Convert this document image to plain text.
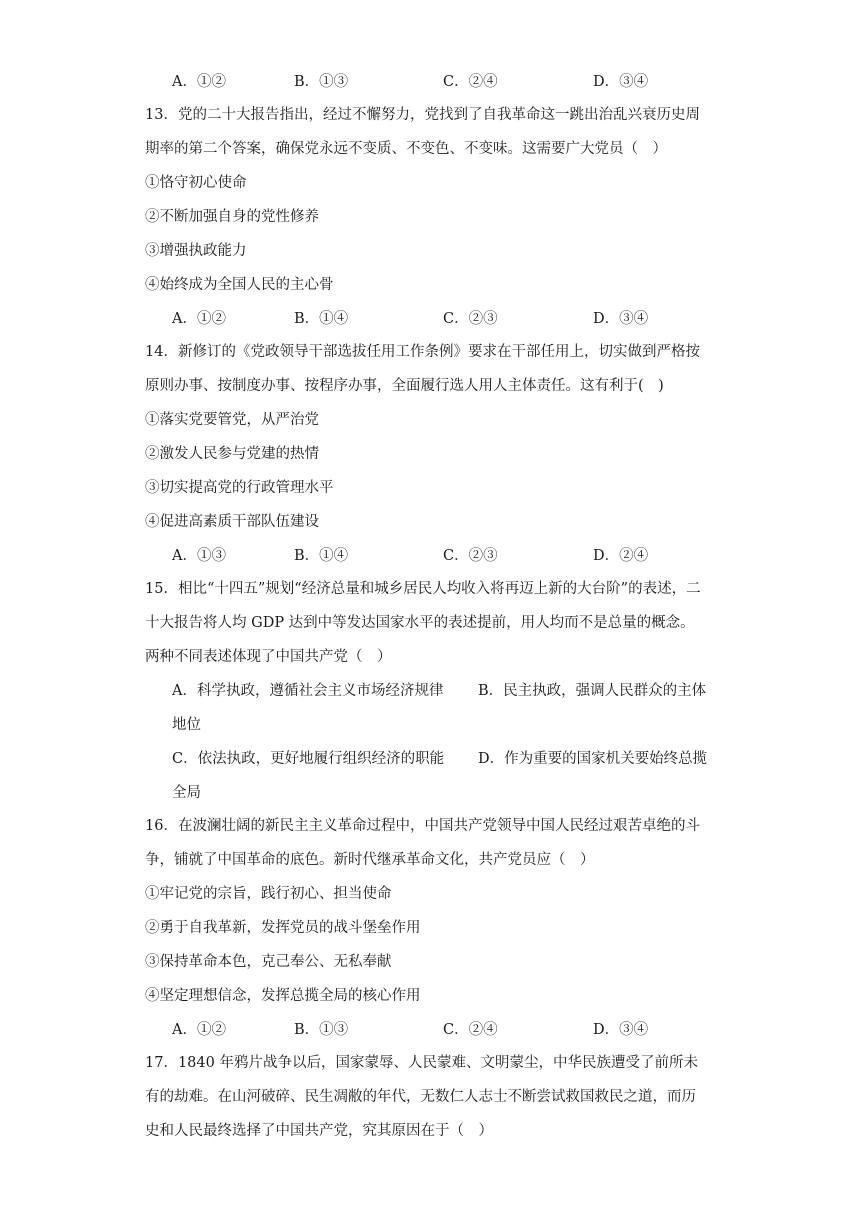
A．①②	B．①③	C．②④	D．③④
13．党的二十大报告指出，经过不懈努力，党找到了自我革命这一跳出治乱兴衰历史周
期率的第二个答案，确保党永远不变质、不变色、不变味。这需要广大党员（　）
①恪守初心使命
②不断加强自身的党性修养
③增强执政能力
④始终成为全国人民的主心骨
A．①②	B．①④	C．②③	D．③④
14．新修订的《党政领导干部选拔任用工作条例》要求在干部任用上，切实做到严格按
原则办事、按制度办事、按程序办事，全面履行选人用人主体责任。这有利于(　)
①落实党要管党，从严治党
②激发人民参与党建的热情
③切实提高党的行政管理水平
④促进高素质干部队伍建设
A．①③	B．①④	C．②③	D．②④
15．相比“十四五”规划“经济总量和城乡居民人均收入将再迈上新的大台阶”的表述，二
十大报告将人均 GDP 达到中等发达国家水平的表述提前，用人均而不是总量的概念。
两种不同表述体现了中国共产党（　）
A．科学执政，遵循社会主义市场经济规律 B．民主执政，强调人民群众的主体
地位
C．依法执政，更好地履行组织经济的职能 D．作为重要的国家机关要始终总揽
全局
16．在波澜壮阔的新民主主义革命过程中，中国共产党领导中国人民经过艰苦卓绝的斗
争，铺就了中国革命的底色。新时代继承革命文化，共产党员应（　）
①牢记党的宗旨，践行初心、担当使命
②勇于自我革新，发挥党员的战斗堡垒作用
③保持革命本色，克己奉公、无私奉献
④坚定理想信念，发挥总揽全局的核心作用
A．①②	B．①③	C．②④	D．③④
17．1840 年鸦片战争以后，国家蒙辱、人民蒙难、文明蒙尘，中华民族遭受了前所未
有的劫难。在山河破碎、民生凋敝的年代，无数仁人志士不断尝试救国救民之道，而历
史和人民最终选择了中国共产党，究其原因在于（　）
